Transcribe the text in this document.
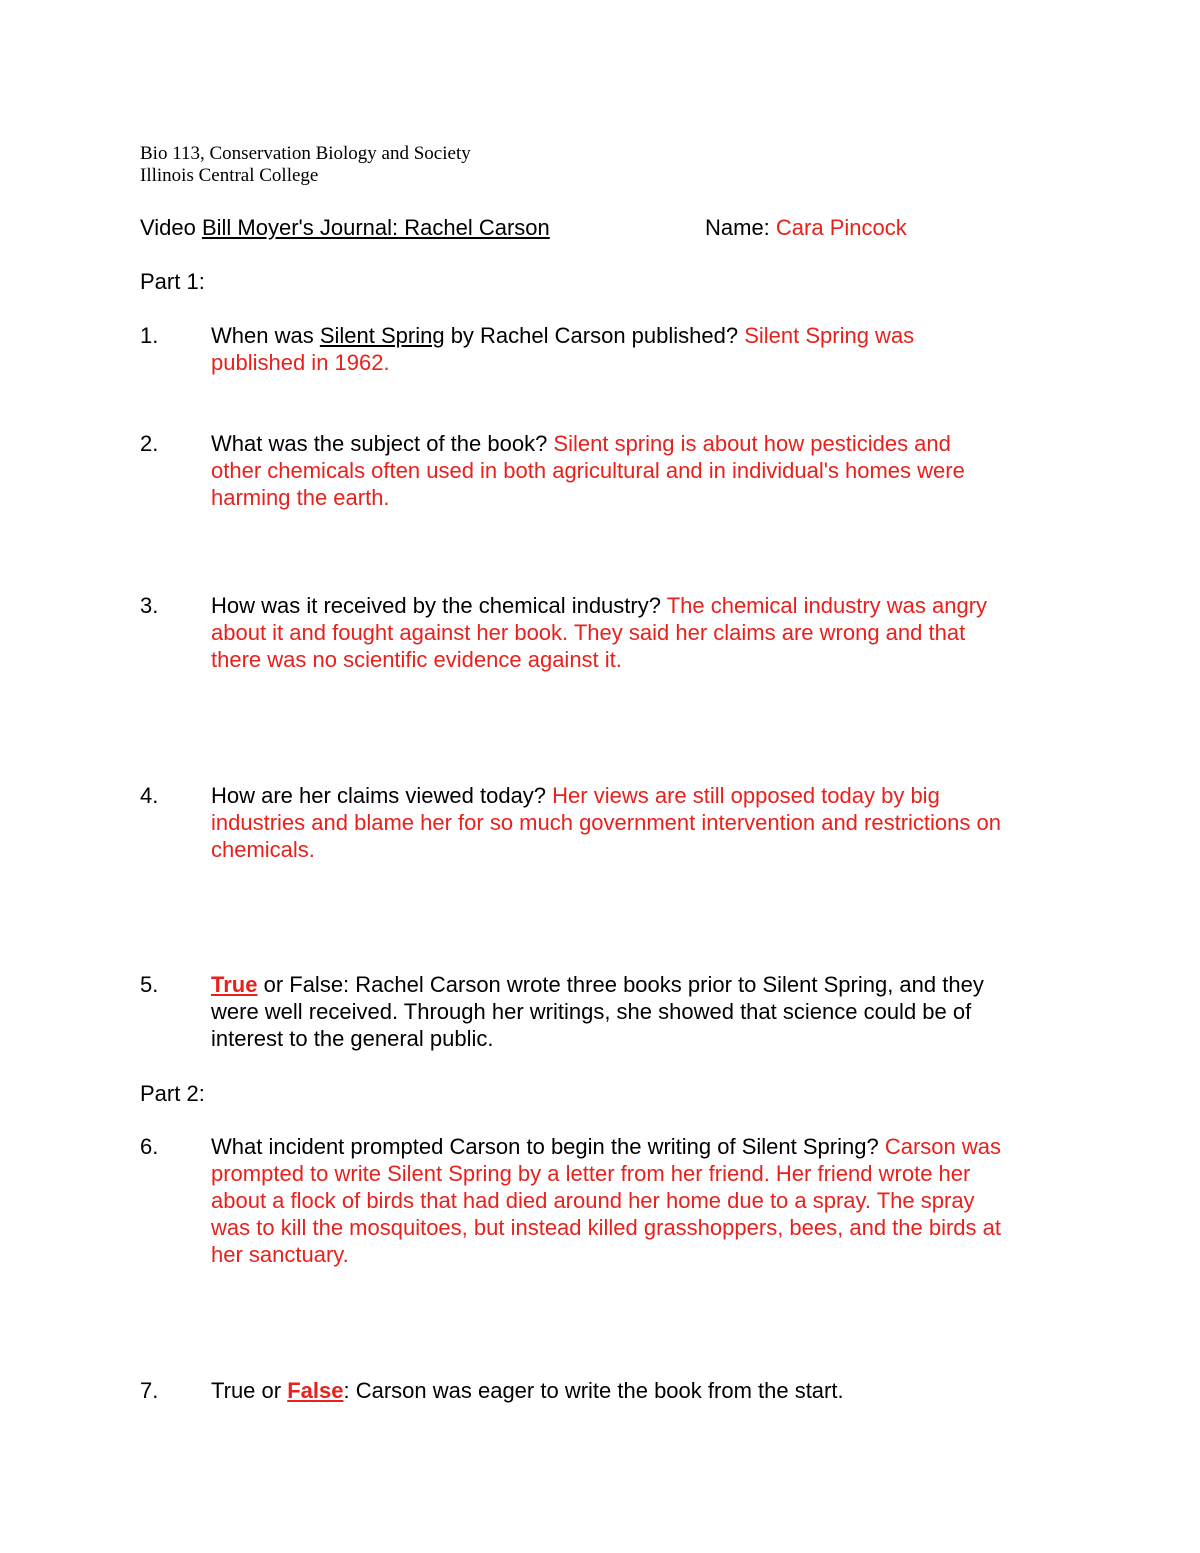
Bio 113, Conservation Biology and Society
Illinois Central College
Video Bill Moyer's Journal: Rachel Carson	Name: Cara Pincock
Part 1:
1. When was Silent Spring by Rachel Carson published? Silent Spring was
published in 1962.
2. What was the subject of the book? Silent spring is about how pesticides and
other chemicals often used in both agricultural and in individual's homes were
harming the earth.
3. How was it received by the chemical industry? The chemical industry was angry
about it and fought against her book. They said her claims are wrong and that
there was no scientific evidence against it.
4. How are her claims viewed today? Her views are still opposed today by big
industries and blame her for so much government intervention and restrictions on
chemicals.
5. True or False: Rachel Carson wrote three books prior to Silent Spring, and they
were well received. Through her writings, she showed that science could be of
interest to the general public.
Part 2:
6. What incident prompted Carson to begin the writing of Silent Spring? Carson was
prompted to write Silent Spring by a letter from her friend. Her friend wrote her
about a flock of birds that had died around her home due to a spray. The spray
was to kill the mosquitoes, but instead killed grasshoppers, bees, and the birds at
her sanctuary.
7. True or False: Carson was eager to write the book from the start.
